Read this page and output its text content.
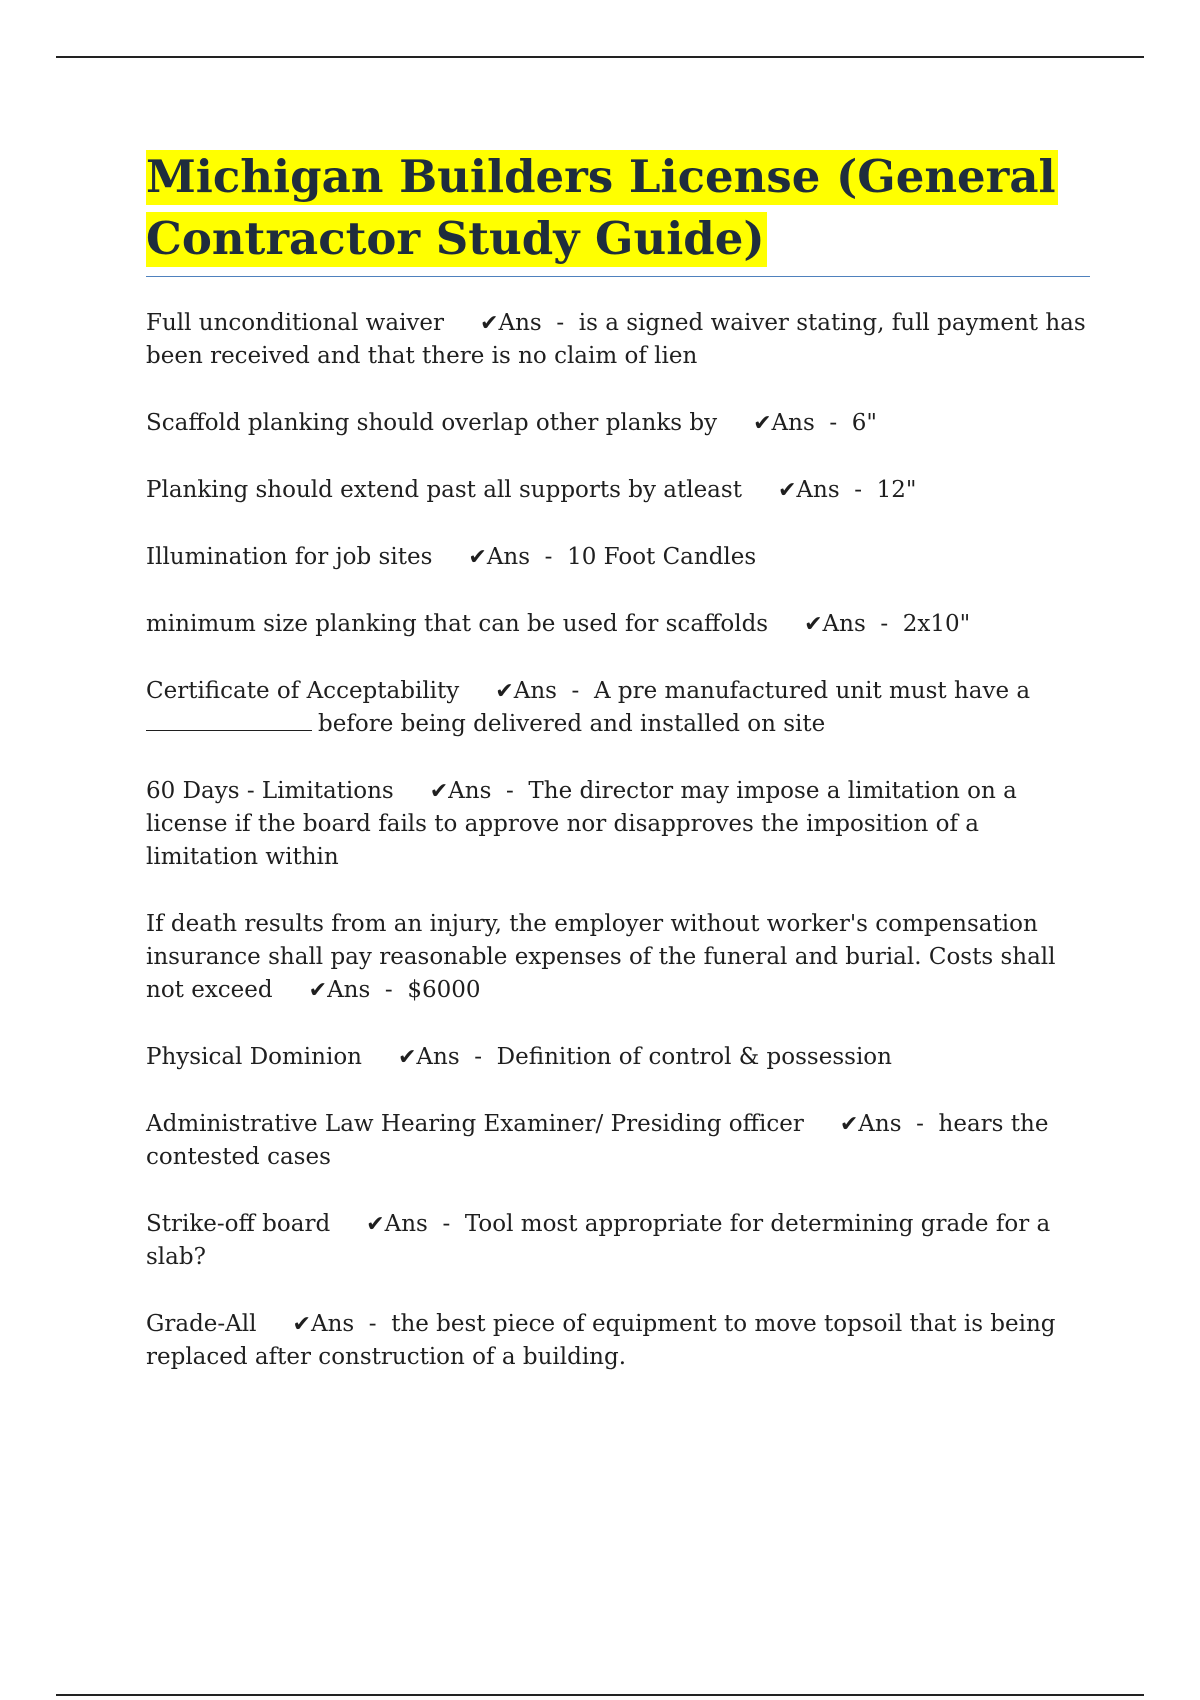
Michigan Builders License (General
Contractor Study Guide)

Full unconditional waiver ✔Ans  -  is a signed waiver stating, full payment has been received and that there is no claim of lien

Scaffold planking should overlap other planks by ✔Ans  -  6"

Planking should extend past all supports by atleast ✔Ans  -  12"

Illumination for job sites ✔Ans  -  10 Foot Candles

minimum size planking that can be used for scaffolds ✔Ans  -  2x10"

Certificate of Acceptability ✔Ans  -  A pre manufactured unit must have a
before being delivered and installed on site

60 Days - Limitations ✔Ans  -  The director may impose a limitation on a license if the board fails to approve nor disapproves the imposition of a limitation within

If death results from an injury, the employer without worker's compensation insurance shall pay reasonable expenses of the funeral and burial. Costs shall not exceed ✔Ans  -  $6000

Physical Dominion ✔Ans  -  Definition of control & possession

Administrative Law Hearing Examiner/ Presiding officer ✔Ans  -  hears the contested cases

Strike-off board ✔Ans  -  Tool most appropriate for determining grade for a slab?

Grade-All ✔Ans  -  the best piece of equipment to move topsoil that is being replaced after construction of a building.
